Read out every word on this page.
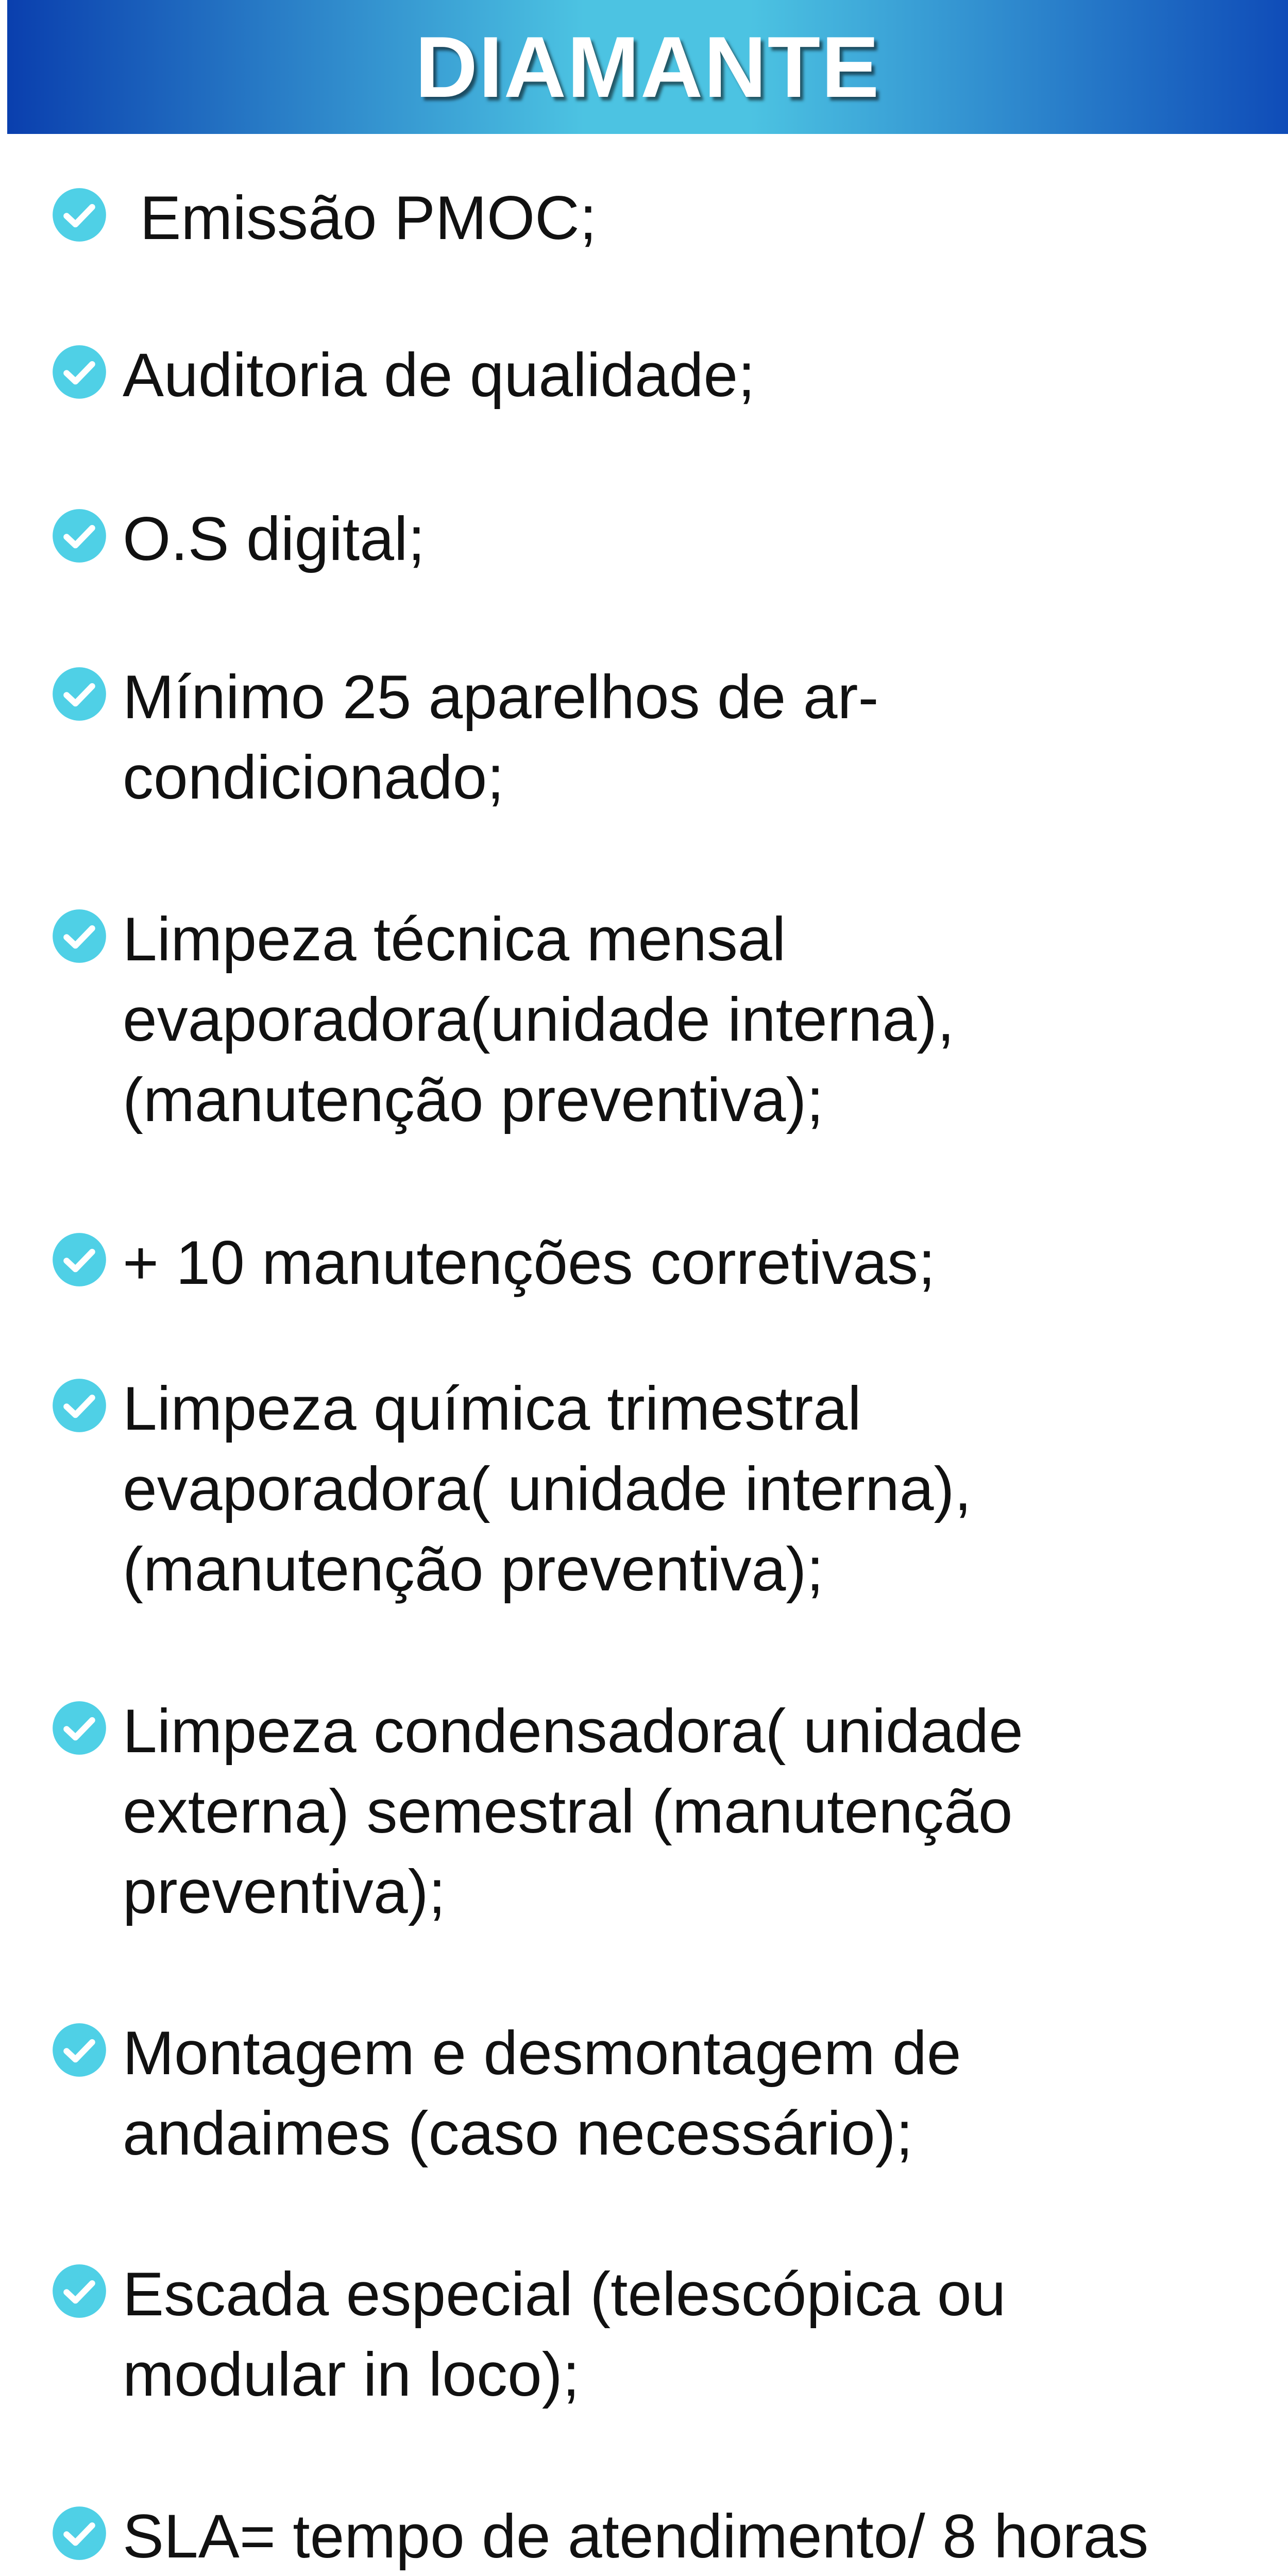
DIAMANTE
Emissão PMOC;
Auditoria de qualidade;
O.S digital;
Mínimo 25 aparelhos de ar-
condicionado;
Limpeza técnica mensal
evaporadora(unidade interna),
(manutenção preventiva);
+ 10 manutenções corretivas;
Limpeza química trimestral
evaporadora( unidade interna),
(manutenção preventiva);
Limpeza condensadora( unidade
externa) semestral (manutenção
preventiva);
Montagem e desmontagem de
andaimes (caso necessário);
Escada especial (telescópica ou
modular in loco);
SLA= tempo de atendimento/ 8 horas
